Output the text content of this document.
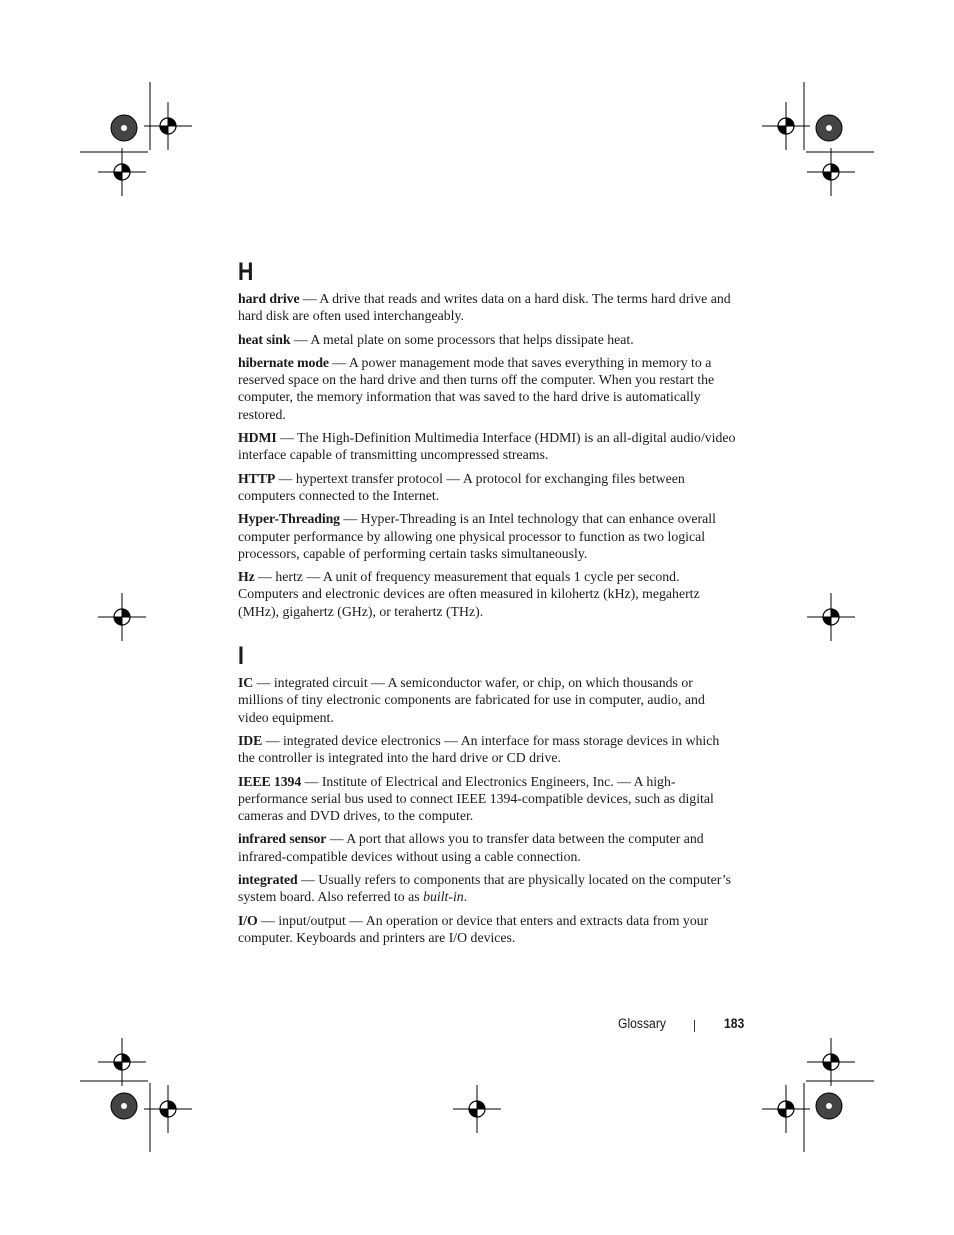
H

hard drive — A drive that reads and writes data on a hard disk. The terms hard drive and hard disk are often used interchangeably.

heat sink — A metal plate on some processors that helps dissipate heat.

hibernate mode — A power management mode that saves everything in memory to a reserved space on the hard drive and then turns off the computer. When you restart the computer, the memory information that was saved to the hard drive is automatically restored.

HDMI — The High-Definition Multimedia Interface (HDMI) is an all-digital audio/video interface capable of transmitting uncompressed streams.

HTTP — hypertext transfer protocol — A protocol for exchanging files between computers connected to the Internet.

Hyper-Threading — Hyper-Threading is an Intel technology that can enhance overall computer performance by allowing one physical processor to function as two logical processors, capable of performing certain tasks simultaneously.

Hz — hertz — A unit of frequency measurement that equals 1 cycle per second. Computers and electronic devices are often measured in kilohertz (kHz), megahertz (MHz), gigahertz (GHz), or terahertz (THz).

I

IC — integrated circuit — A semiconductor wafer, or chip, on which thousands or millions of tiny electronic components are fabricated for use in computer, audio, and video equipment.

IDE — integrated device electronics — An interface for mass storage devices in which the controller is integrated into the hard drive or CD drive.

IEEE 1394 — Institute of Electrical and Electronics Engineers, Inc. — A high-performance serial bus used to connect IEEE 1394-compatible devices, such as digital cameras and DVD drives, to the computer.

infrared sensor — A port that allows you to transfer data between the computer and infrared-compatible devices without using a cable connection.

integrated — Usually refers to components that are physically located on the computer’s system board. Also referred to as built-in.

I/O — input/output — An operation or device that enters and extracts data from your computer. Keyboards and printers are I/O devices.

Glossary	183
